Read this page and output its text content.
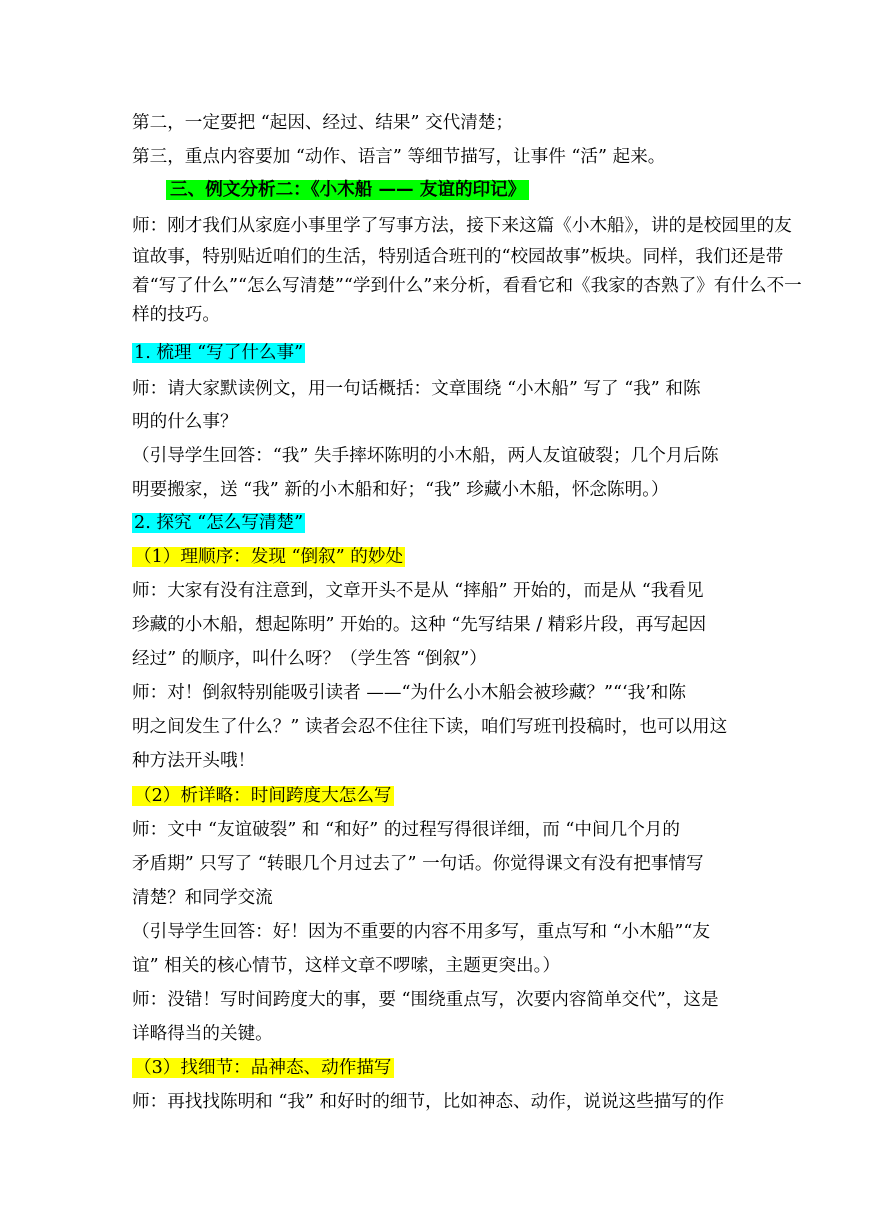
第二，一定要把 “起因、经过、结果” 交代清楚；
第三，重点内容要加 “动作、语言” 等细节描写，让事件 “活” 起来。
三、例文分析二：《小木船 —— 友谊的印记》
师：刚才我们从家庭小事里学了写事方法，接下来这篇《小木船》，讲的是校园里的友
谊故事，特别贴近咱们的生活，特别适合班刊的“校园故事”板块。同样，我们还是带
着“写了什么”“怎么写清楚”“学到什么”来分析，看看它和《我家的杏熟了》有什么不一
样的技巧。
1. 梳理 “写了什么事”
师：请大家默读例文，用一句话概括：文章围绕 “小木船” 写了 “我” 和陈
明的什么事？
（引导学生回答：“我” 失手摔坏陈明的小木船，两人友谊破裂；几个月后陈
明要搬家，送 “我” 新的小木船和好；“我” 珍藏小木船，怀念陈明。）
2. 探究 “怎么写清楚”
（1）理顺序：发现 “倒叙” 的妙处
师：大家有没有注意到，文章开头不是从 “摔船” 开始的，而是从 “我看见
珍藏的小木船，想起陈明” 开始的。这种 “先写结果 / 精彩片段，再写起因
经过” 的顺序，叫什么呀？（学生答 “倒叙”）
师：对！倒叙特别能吸引读者 ——“为什么小木船会被珍藏？”“‘我’和陈
明之间发生了什么？” 读者会忍不住往下读，咱们写班刊投稿时，也可以用这
种方法开头哦！
（2）析详略：时间跨度大怎么写
师：文中 “友谊破裂” 和 “和好” 的过程写得很详细，而 “中间几个月的
矛盾期” 只写了 “转眼几个月过去了” 一句话。你觉得课文有没有把事情写
清楚？和同学交流
（引导学生回答：好！因为不重要的内容不用多写，重点写和 “小木船”“友
谊” 相关的核心情节，这样文章不啰嗦，主题更突出。）
师：没错！写时间跨度大的事，要 “围绕重点写，次要内容简单交代”，这是
详略得当的关键。
（3）找细节：品神态、动作描写
师：再找找陈明和 “我” 和好时的细节，比如神态、动作，说说这些描写的作
